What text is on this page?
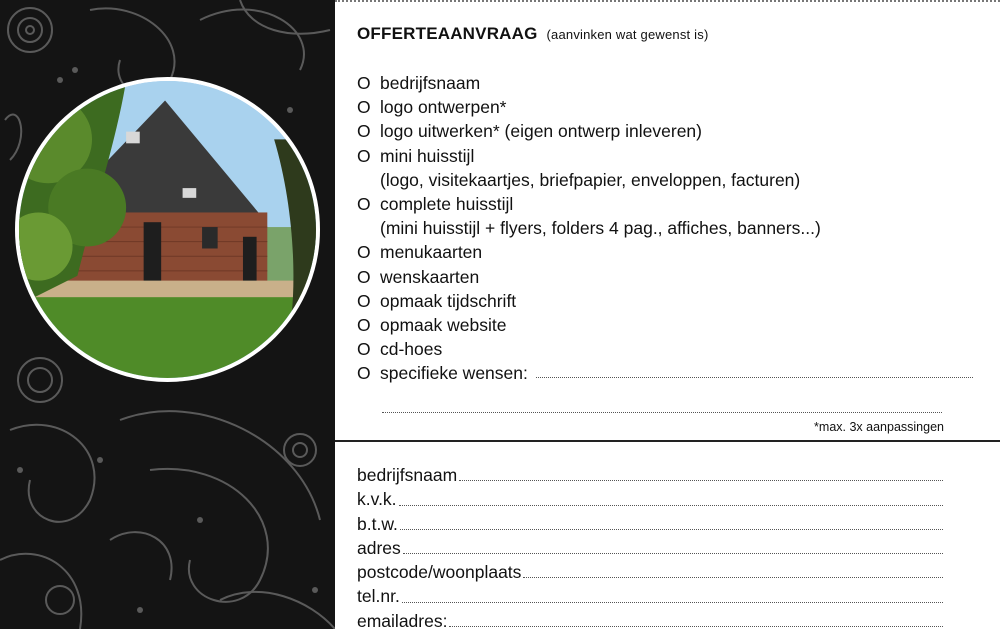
OFFERTEAANVRAAG (aanvinken wat gewenst is)
O bedrijfsnaam
O logo ontwerpen*
O logo uitwerken* (eigen ontwerp inleveren)
O mini huisstijl
(logo, visitekaartjes, briefpapier, enveloppen, facturen)
O complete huisstijl
(mini huisstijl + flyers, folders 4 pag., affiches, banners...)
O menukaarten
O wenskaarten
O opmaak tijdschrift
O opmaak website
O cd-hoes
O specifieke wensen:
*max. 3x aanpassingen
bedrijfsnaam
k.v.k.
b.t.w.
adres
postcode/woonplaats
tel.nr.
emailadres:
